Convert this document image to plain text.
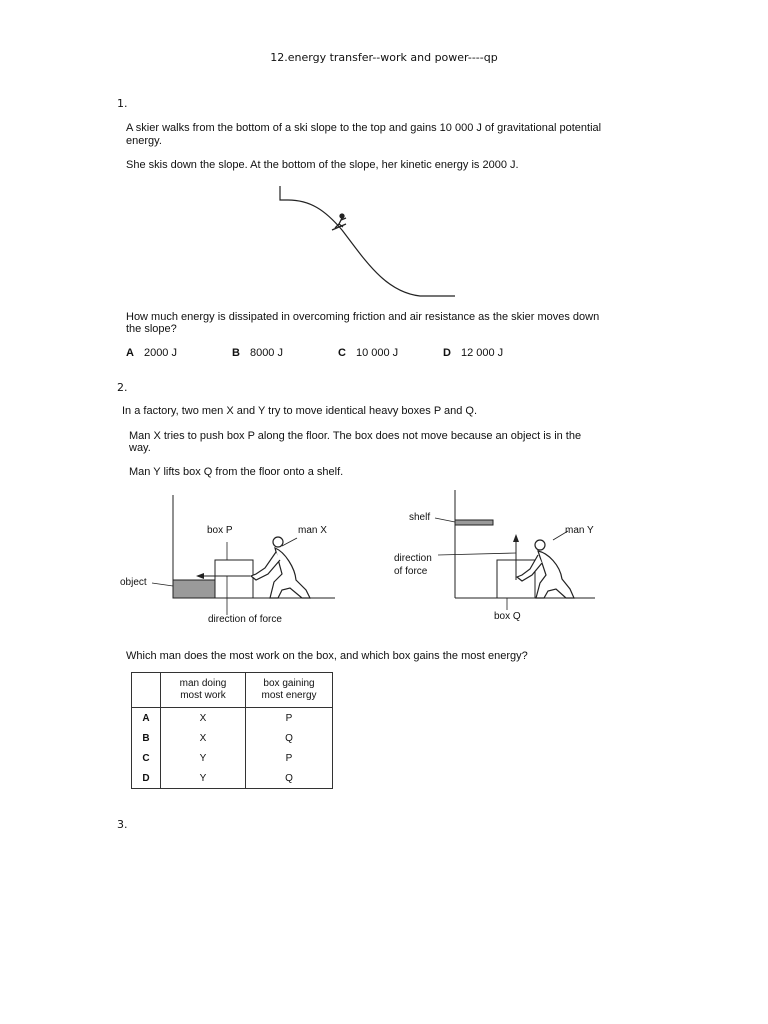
12.energy transfer--work and power----qp
1.
A skier walks from the bottom of a ski slope to the top and gains 10 000 J of gravitational potential
energy.
She skis down the slope. At the bottom of the slope, her kinetic energy is 2000 J.
How much energy is dissipated in overcoming friction and air resistance as the skier moves down
the slope?
A 2000 J	B 8000 J	C 10 000 J	D 12 000 J
2.
In a factory, two men X and Y try to move identical heavy boxes P and Q.
Man X tries to push box P along the floor. The box does not move because an object is in the
way.
Man Y lifts box Q from the floor onto a shelf.
box P	man X
object
direction of force
shelf
man Y
direction
of force
box Q
Which man does the most work on the box, and which box gains the most energy?
	man doing
most work	box gaining
most energy
A	X	P
B	X	Q
C	Y	P
D	Y	Q
3.
